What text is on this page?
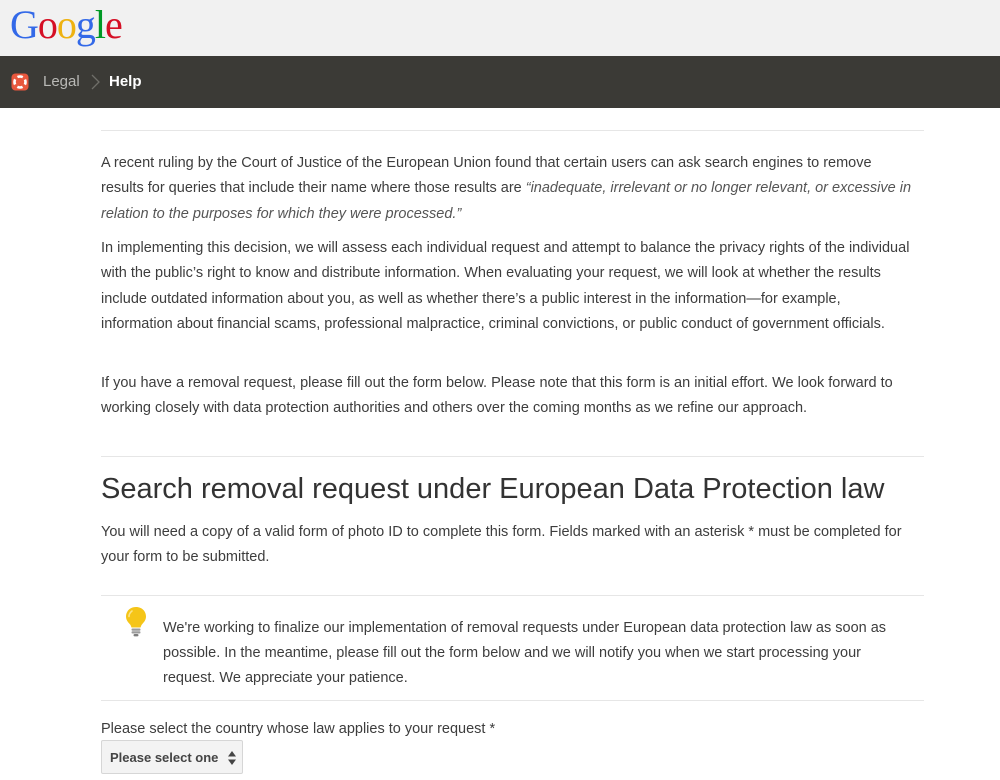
Google
Legal Help

A recent ruling by the Court of Justice of the European Union found that certain users can ask search engines to remove results for queries that include their name where those results are “inadequate, irrelevant or no longer relevant, or excessive in relation to the purposes for which they were processed.”

In implementing this decision, we will assess each individual request and attempt to balance the privacy rights of the individual with the public’s right to know and distribute information. When evaluating your request, we will look at whether the results include outdated information about you, as well as whether there’s a public interest in the information—for example, information about financial scams, professional malpractice, criminal convictions, or public conduct of government officials.

If you have a removal request, please fill out the form below. Please note that this form is an initial effort. We look forward to working closely with data protection authorities and others over the coming months as we refine our approach.

Search removal request under European Data Protection law

You will need a copy of a valid form of photo ID to complete this form. Fields marked with an asterisk * must be completed for your form to be submitted.

We're working to finalize our implementation of removal requests under European data protection law as soon as possible. In the meantime, please fill out the form below and we will notify you when we start processing your request. We appreciate your patience.

Please select the country whose law applies to your request *
Please select one
